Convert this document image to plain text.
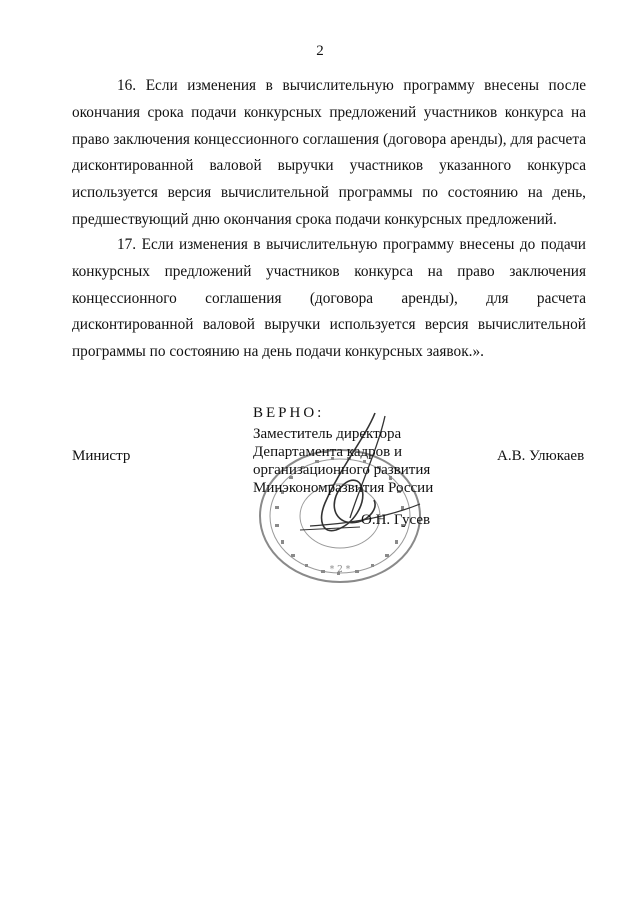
2

16. Если изменения в вычислительную программу внесены после окончания срока подачи конкурсных предложений участников конкурса на право заключения концессионного соглашения (договора аренды), для расчета дисконтированной валовой выручки участников указанного конкурса используется версия вычислительной программы по состоянию на день, предшествующий дню окончания срока подачи конкурсных предложений.

17. Если изменения в вычислительную программу внесены до подачи конкурсных предложений участников конкурса на право заключения концессионного соглашения (договора аренды), для расчета дисконтированной валовой выручки используется версия вычислительной программы по состоянию на день подачи конкурсных заявок.».

* 2 *
Министр
ВЕРНО:
Заместитель директора
Департамента кадров и
организационного развития
Минэкономразвития России
О.Н. Гусев
А.В. Улюкаев
